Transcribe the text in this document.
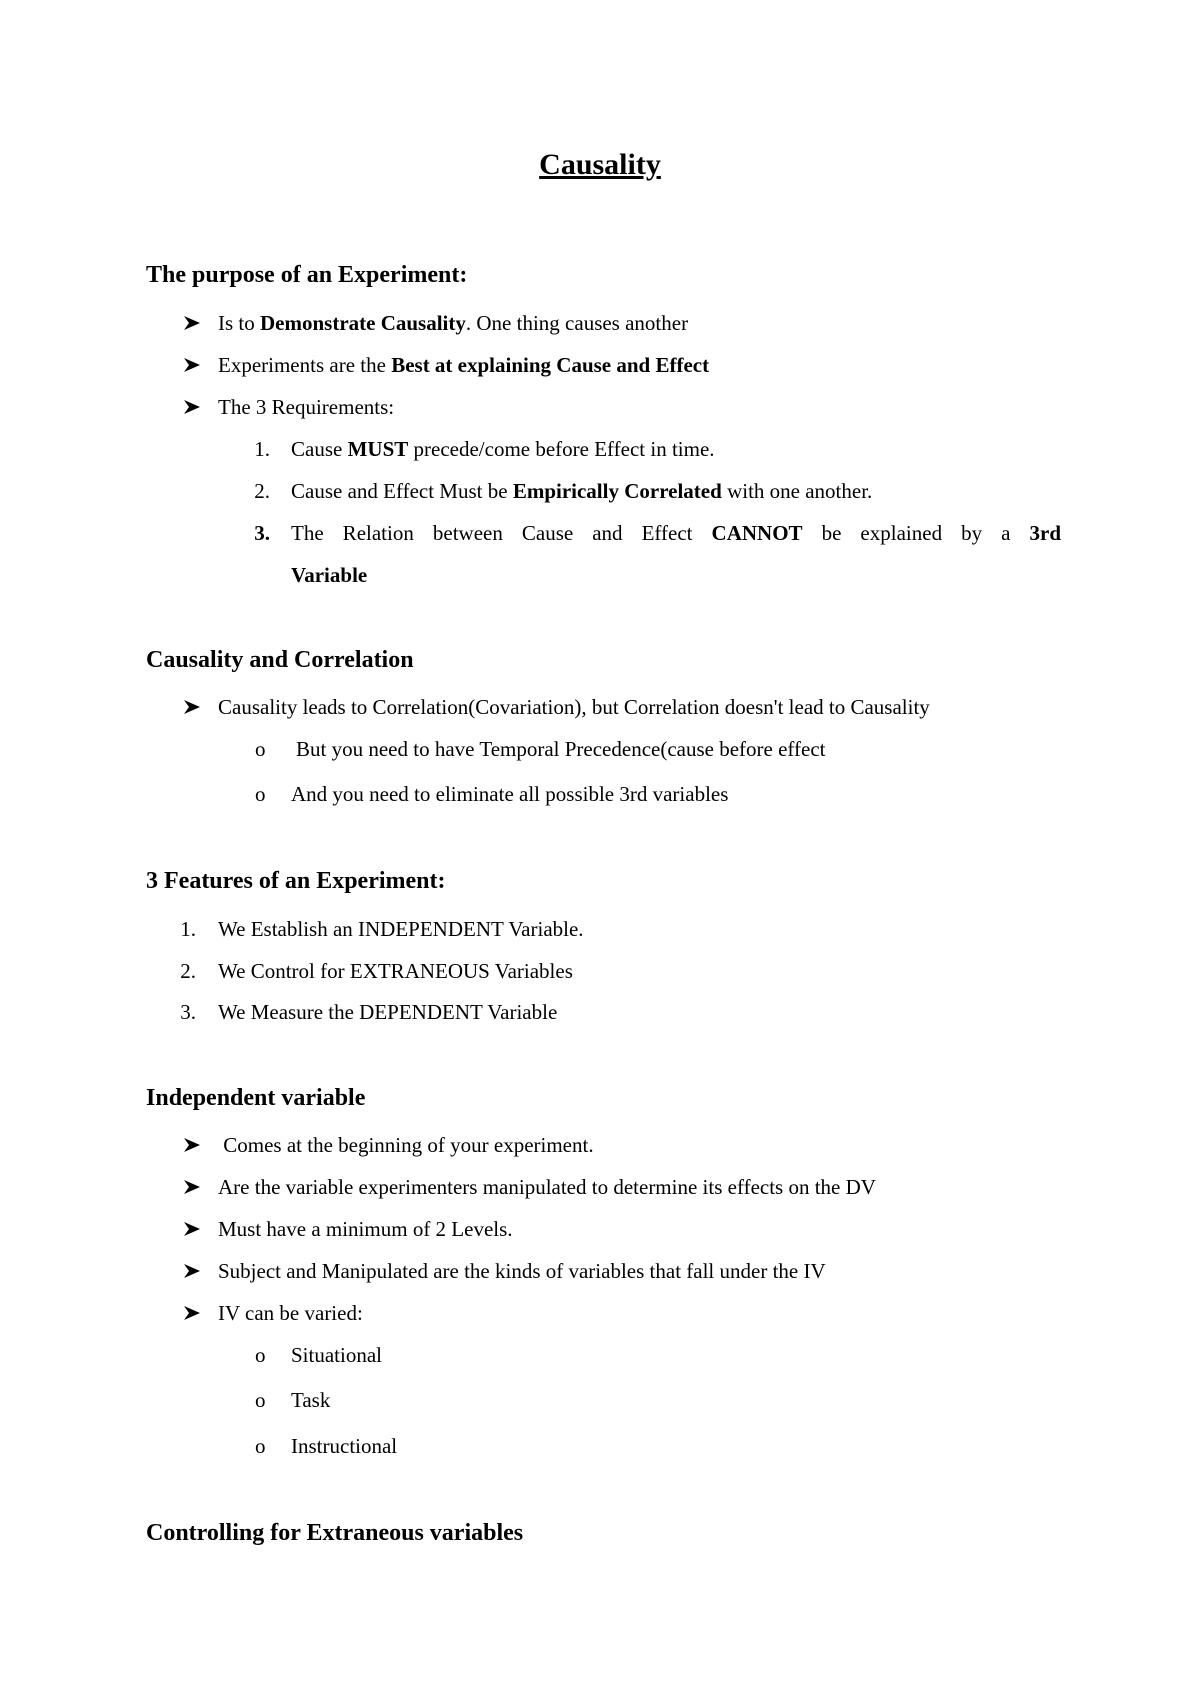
Causality
The purpose of an Experiment:
Is to Demonstrate Causality. One thing causes another
Experiments are the Best at explaining Cause and Effect
The 3 Requirements:
1. Cause MUST precede/come before Effect in time.
2. Cause and Effect Must be Empirically Correlated with one another.
3. The Relation between Cause and Effect CANNOT be explained by a 3rd
Variable
Causality and Correlation
Causality leads to Correlation(Covariation), but Correlation doesn't lead to Causality
o But you need to have Temporal Precedence(cause before effect
o And you need to eliminate all possible 3rd variables
3 Features of an Experiment:
1. We Establish an INDEPENDENT Variable.
2. We Control for EXTRANEOUS Variables
3. We Measure the DEPENDENT Variable
Independent variable
Comes at the beginning of your experiment.
Are the variable experimenters manipulated to determine its effects on the DV
Must have a minimum of 2 Levels.
Subject and Manipulated are the kinds of variables that fall under the IV
IV can be varied:
o Situational
o Task
o Instructional
Controlling for Extraneous variables
